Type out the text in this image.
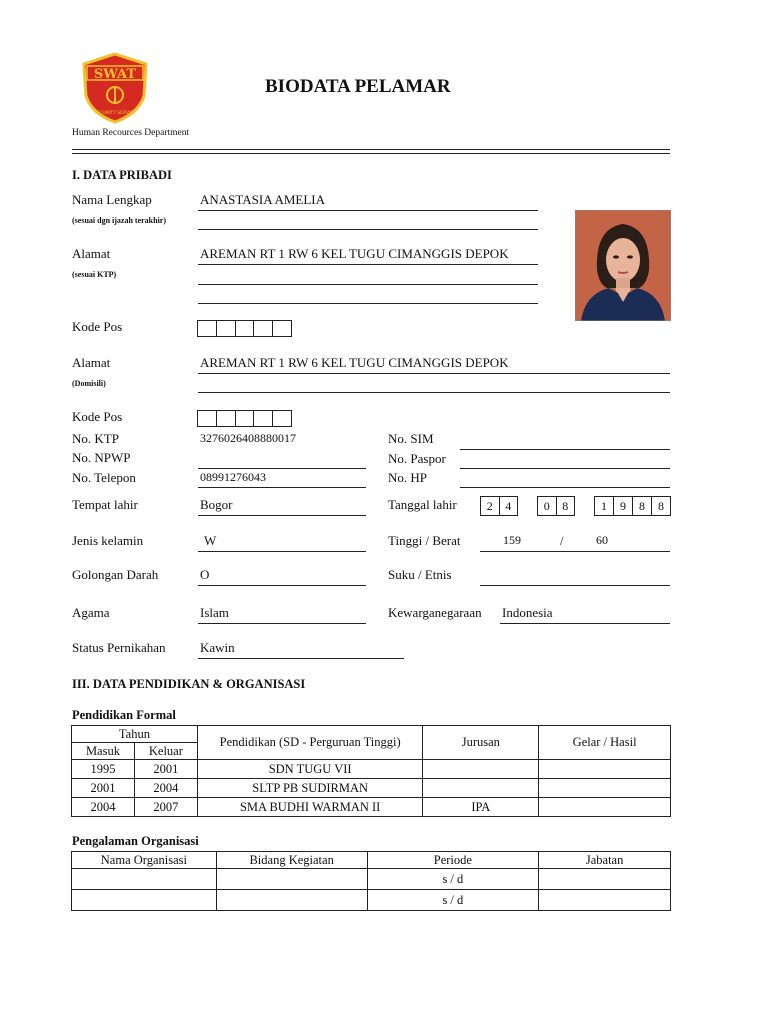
SWAT
SECURITY SERVICE
BIODATA PELAMAR
Human Recources Department
I. DATA PRIBADI
Nama Lengkap
(sesuai dgn ijazah terakhir)
ANASTASIA AMELIA
Alamat
(sesuai KTP)
AREMAN RT 1 RW 6 KEL TUGU CIMANGGIS DEPOK
Kode Pos
Alamat
(Domisili)
AREMAN RT 1 RW 6 KEL TUGU CIMANGGIS DEPOK
Kode Pos
No. KTP	3276026408880017	No. SIM
No. NPWP	No. Paspor
No. Telepon	08991276043	No. HP
Tempat lahir	Bogor	Tanggal lahir	2	4	0	8	1	9	8	8
Jenis kelamin	W	Tinggi / Berat	159	/	60
Golongan Darah	O	Suku / Etnis
Agama	Islam	Kewarganegaraan Indonesia
Status Pernikahan	Kawin
III. DATA PENDIDIKAN & ORGANISASI
Pendidikan Formal
Tahun		Pendidikan (SD - Perguruan Tinggi)	Jurusan	Gelar / Hasil
Masuk	Keluar			
1995	2001	SDN TUGU VII		
2001	2004	SLTP PB SUDIRMAN		
2004	2007	SMA BUDHI WARMAN II	IPA	
Pengalaman Organisasi
Nama Organisasi	Bidang Kegiatan	Periode	Jabatan
		s / d	
		s / d	
